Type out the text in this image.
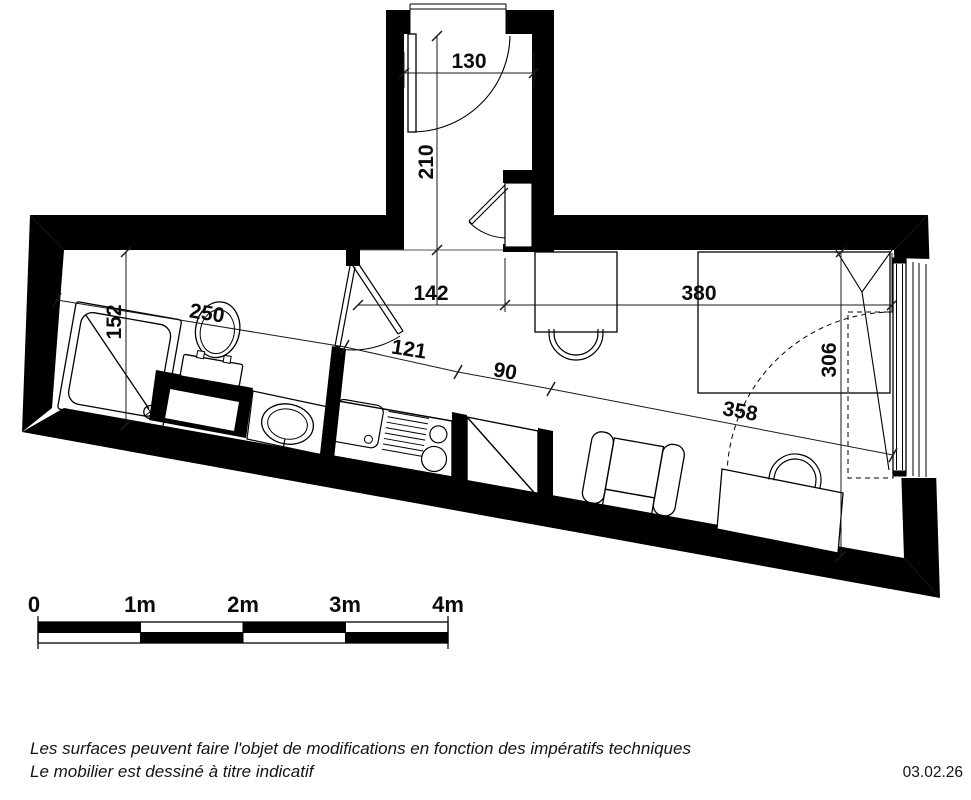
130
210
142	380
152	250
121
90	306
358
0	1m	2m	3m	4m
Les surfaces peuvent faire l'objet de modifications en fonction des impératifs techniques
Le mobilier est dessiné à titre indicatif	03.02.26
